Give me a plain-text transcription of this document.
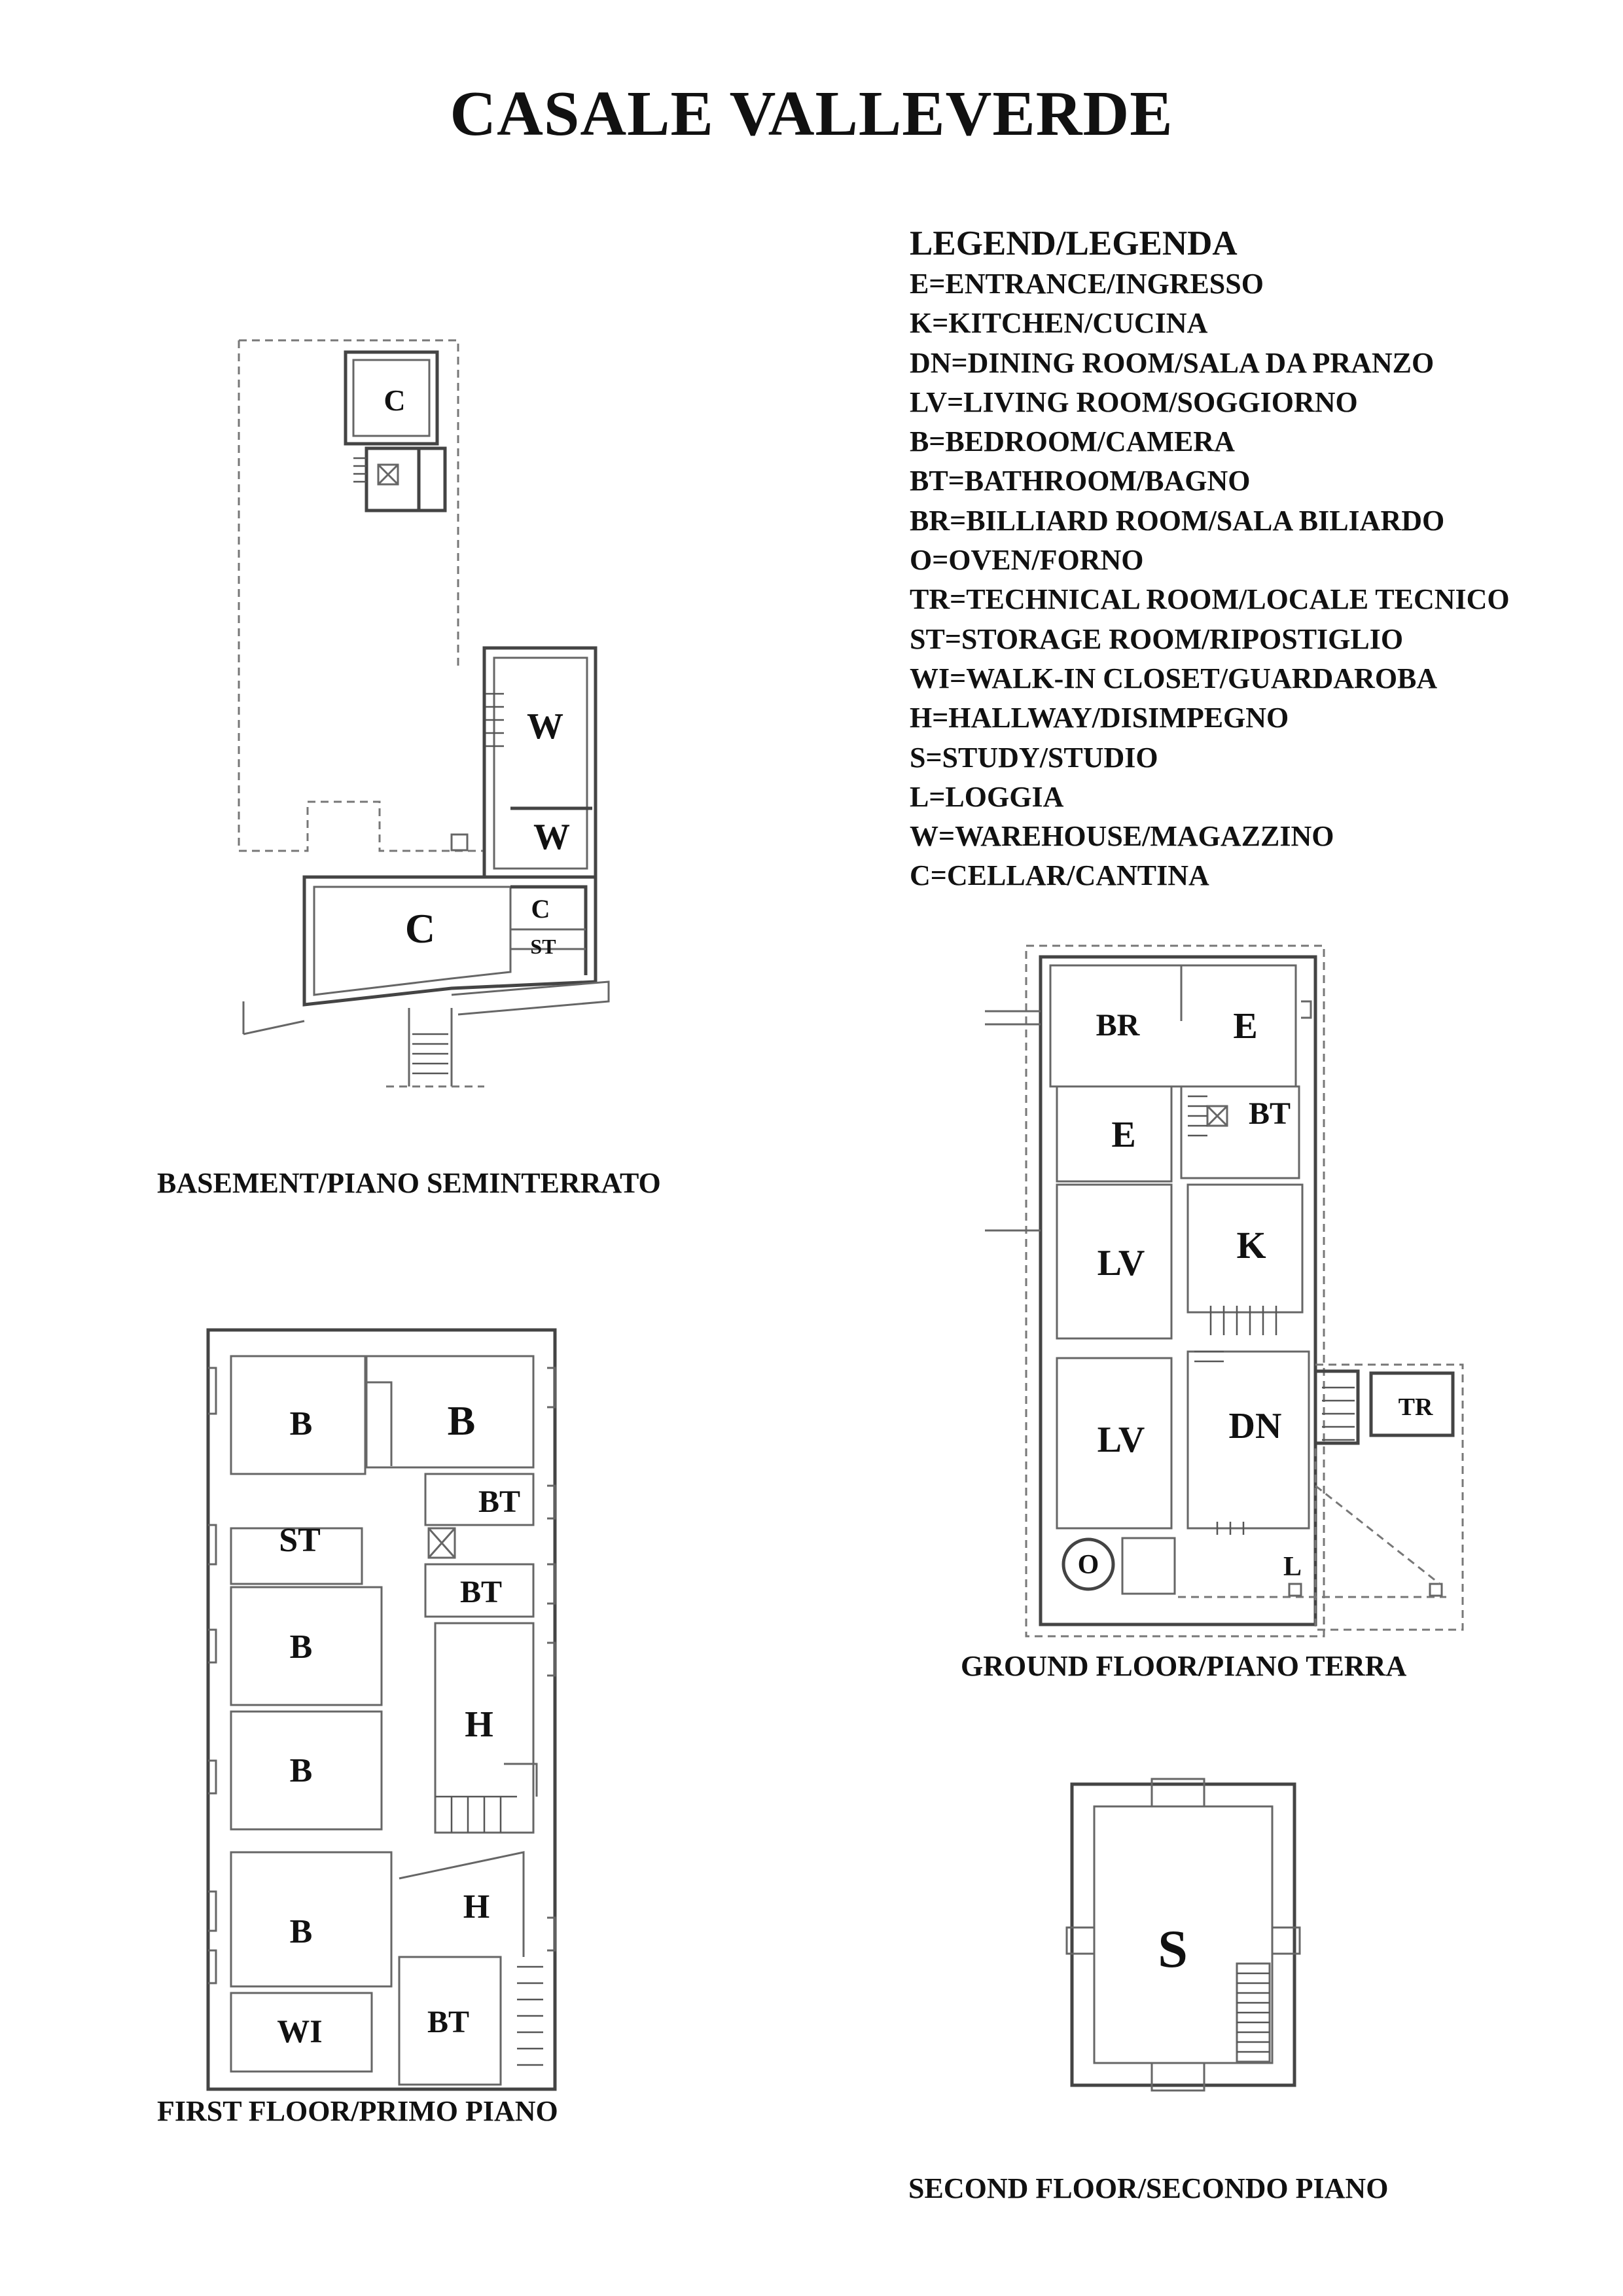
CASALE VALLEVERDE
LEGEND/LEGENDA
E=ENTRANCE/INGRESSO
K=KITCHEN/CUCINA
DN=DINING ROOM/SALA DA PRANZO
LV=LIVING ROOM/SOGGIORNO
B=BEDROOM/CAMERA
BT=BATHROOM/BAGNO
BR=BILLIARD ROOM/SALA BILIARDO
O=OVEN/FORNO
TR=TECHNICAL ROOM/LOCALE TECNICO
ST=STORAGE ROOM/RIPOSTIGLIO
WI=WALK-IN CLOSET/GUARDAROBA
H=HALLWAY/DISIMPEGNO
S=STUDY/STUDIO
L=LOGGIA
W=WAREHOUSE/MAGAZZINO
C=CELLAR/CANTINA
BASEMENT/PIANO SEMINTERRATO
GROUND FLOOR/PIANO TERRA
FIRST FLOOR/PRIMO PIANO
SECOND FLOOR/SECONDO PIANO
C
W
W
C	C
ST
BR	E
E
BT
LV K
LV DN	TR
O	L
B	B
BT
ST
BT
B
H
B
B
H
WI	BT
S
